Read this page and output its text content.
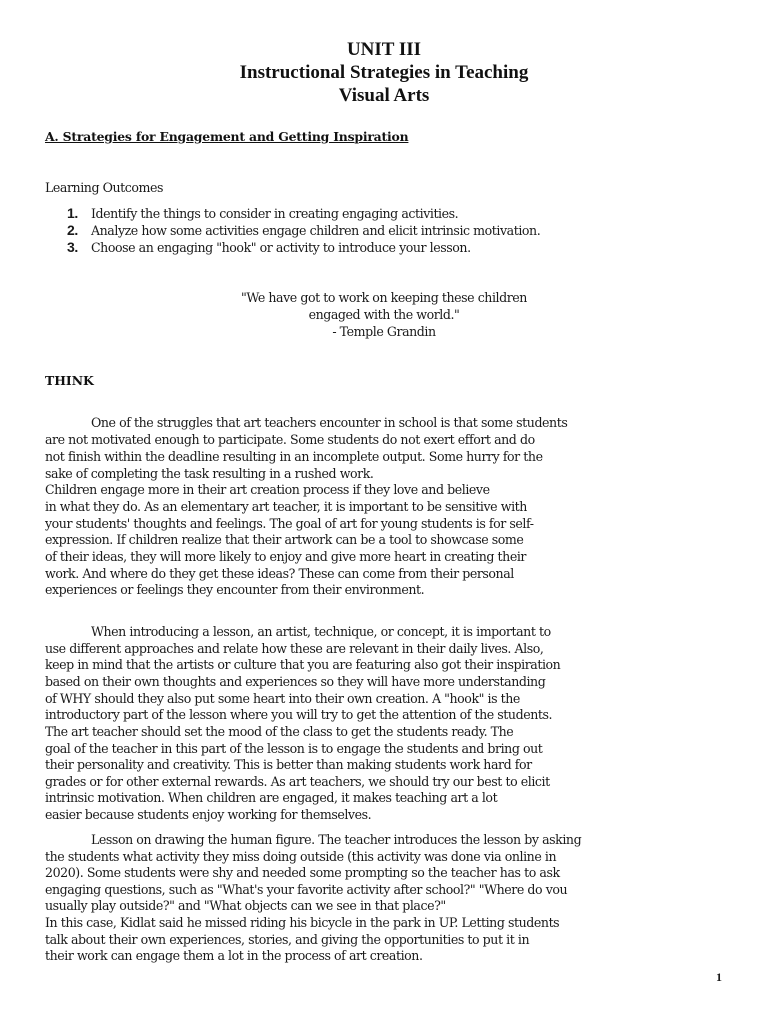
UNIT III
Instructional Strategies in Teaching
Visual Arts
A. Strategies for Engagement and Getting Inspiration
Learning Outcomes
1. Identify the things to consider in creating engaging activities.
2. Analyze how some activities engage children and elicit intrinsic motivation.
3. Choose an engaging "hook" or activity to introduce your lesson.
"We have got to work on keeping these children
engaged with the world."
- Temple Grandin
THINK
One of the struggles that art teachers encounter in school is that some students
are not motivated enough to participate. Some students do not exert effort and do
not finish within the deadline resulting in an incomplete output. Some hurry for the
sake of completing the task resulting in a rushed work.
Children engage more in their art creation process if they love and believe
in what they do. As an elementary art teacher, it is important to be sensitive with
your students' thoughts and feelings. The goal of art for young students is for self-
expression. If children realize that their artwork can be a tool to showcase some
of their ideas, they will more likely to enjoy and give more heart in creating their
work. And where do they get these ideas? These can come from their personal
experiences or feelings they encounter from their environment.
When introducing a lesson, an artist, technique, or concept, it is important to
use different approaches and relate how these are relevant in their daily lives. Also,
keep in mind that the artists or culture that you are featuring also got their inspiration
based on their own thoughts and experiences so they will have more understanding
of WHY should they also put some heart into their own creation. A "hook" is the
introductory part of the lesson where you will try to get the attention of the students.
The art teacher should set the mood of the class to get the students ready. The
goal of the teacher in this part of the lesson is to engage the students and bring out
their personality and creativity. This is better than making students work hard for
grades or for other external rewards. As art teachers, we should try our best to elicit
intrinsic motivation. When children are engaged, it makes teaching art a lot
easier because students enjoy working for themselves.
Lesson on drawing the human figure. The teacher introduces the lesson by asking
the students what activity they miss doing outside (this activity was done via online in
2020). Some students were shy and needed some prompting so the teacher has to ask
engaging questions, such as "What's your favorite activity after school?" "Where do vou
usually play outside?" and "What objects can we see in that place?"
In this case, Kidlat said he missed riding his bicycle in the park in UP. Letting students
talk about their own experiences, stories, and giving the opportunities to put it in
their work can engage them a lot in the process of art creation.
1
